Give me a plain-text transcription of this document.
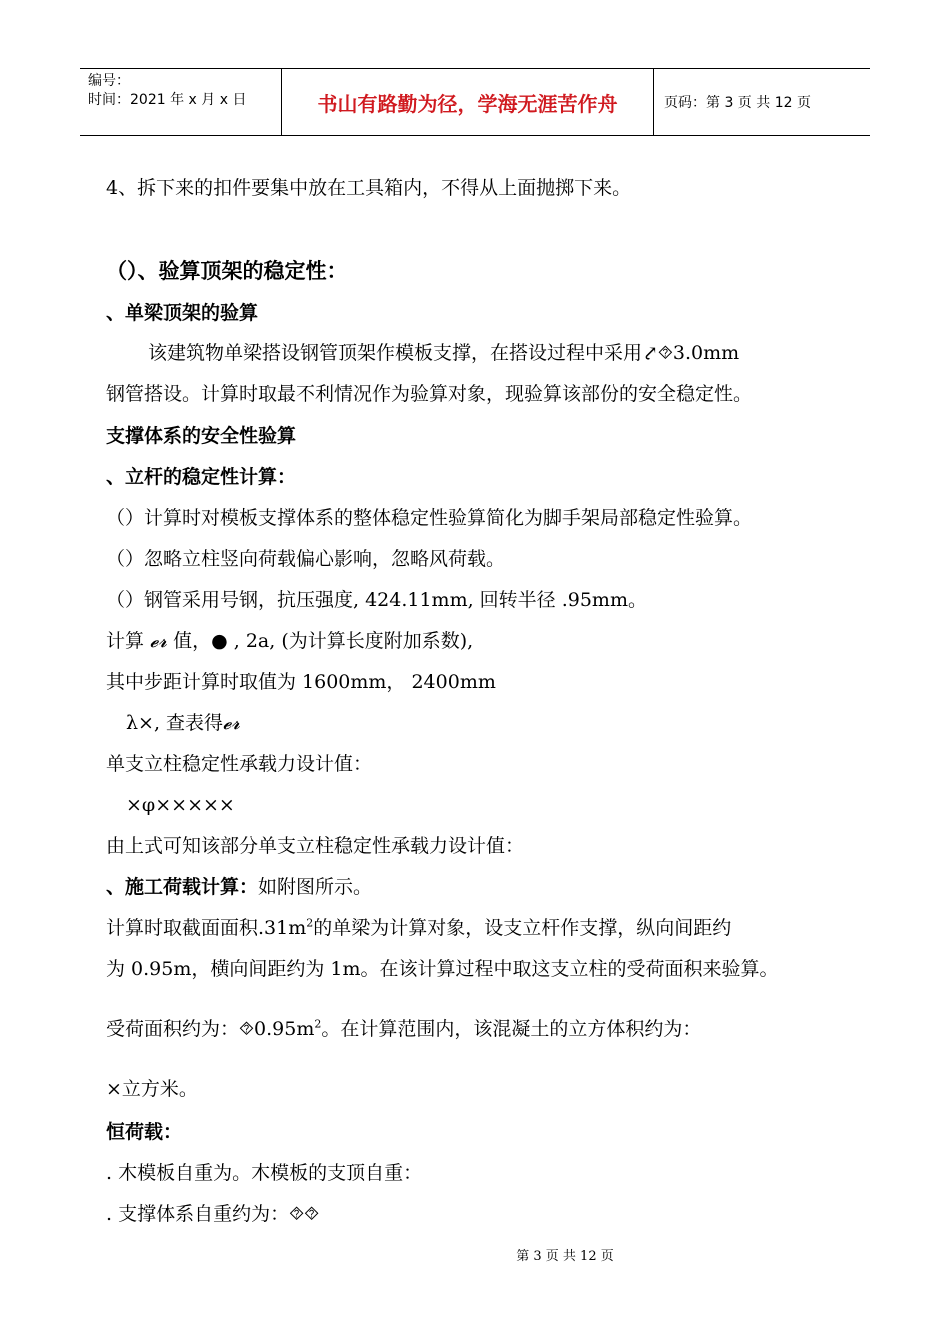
编号：
时间：2021 年 x 月 x 日	书山有路勤为径，学海无涯苦作舟	页码：第 3 页 共 12 页
4、拆下来的扣件要集中放在工具箱内，不得从上面抛掷下来。
（）、验算顶架的稳定性：
、单梁顶架的验算
该建筑物单梁搭设钢管顶架作模板支撑，在搭设过程中采用⤤⯑3.0mm
钢管搭设。计算时取最不利情况作为验算对象，现验算该部份的安全稳定性。
支撑体系的安全性验算
、立杆的稳定性计算：
（）计算时对模板支撑体系的整体稳定性验算简化为脚手架局部稳定性验算。
（）忽略立柱竖向荷载偏心影响，忽略风荷载。
（）钢管采用号钢，抗压强度, 424.11mm, 回转半径 .95mm。
计算 𝓮𝓻 值，● , 2a, (为计算长度附加系数),
其中步距计算时取值为 1600mm， 2400mm
λ×, 查表得𝓮𝓻
单支立柱稳定性承载力设计值：
×φ×××××
由上式可知该部分单支立柱稳定性承载力设计值：
、施工荷载计算：如附图所示。
计算时取截面面积$.31m^2$的单梁为计算对象，设支立杆作支撑，纵向间距约
为 0.95m，横向间距约为 1m。在该计算过程中取这支立柱的受荷面积来验算。
受荷面积约为：$⯑0.95m^2$。在计算范围内，该混凝土的立方体积约为：
×立方米。
恒荷载：
. 木模板自重为。木模板的支顶自重：
. 支撑体系自重约为：⯑⯑
第 3 页 共 12 页
